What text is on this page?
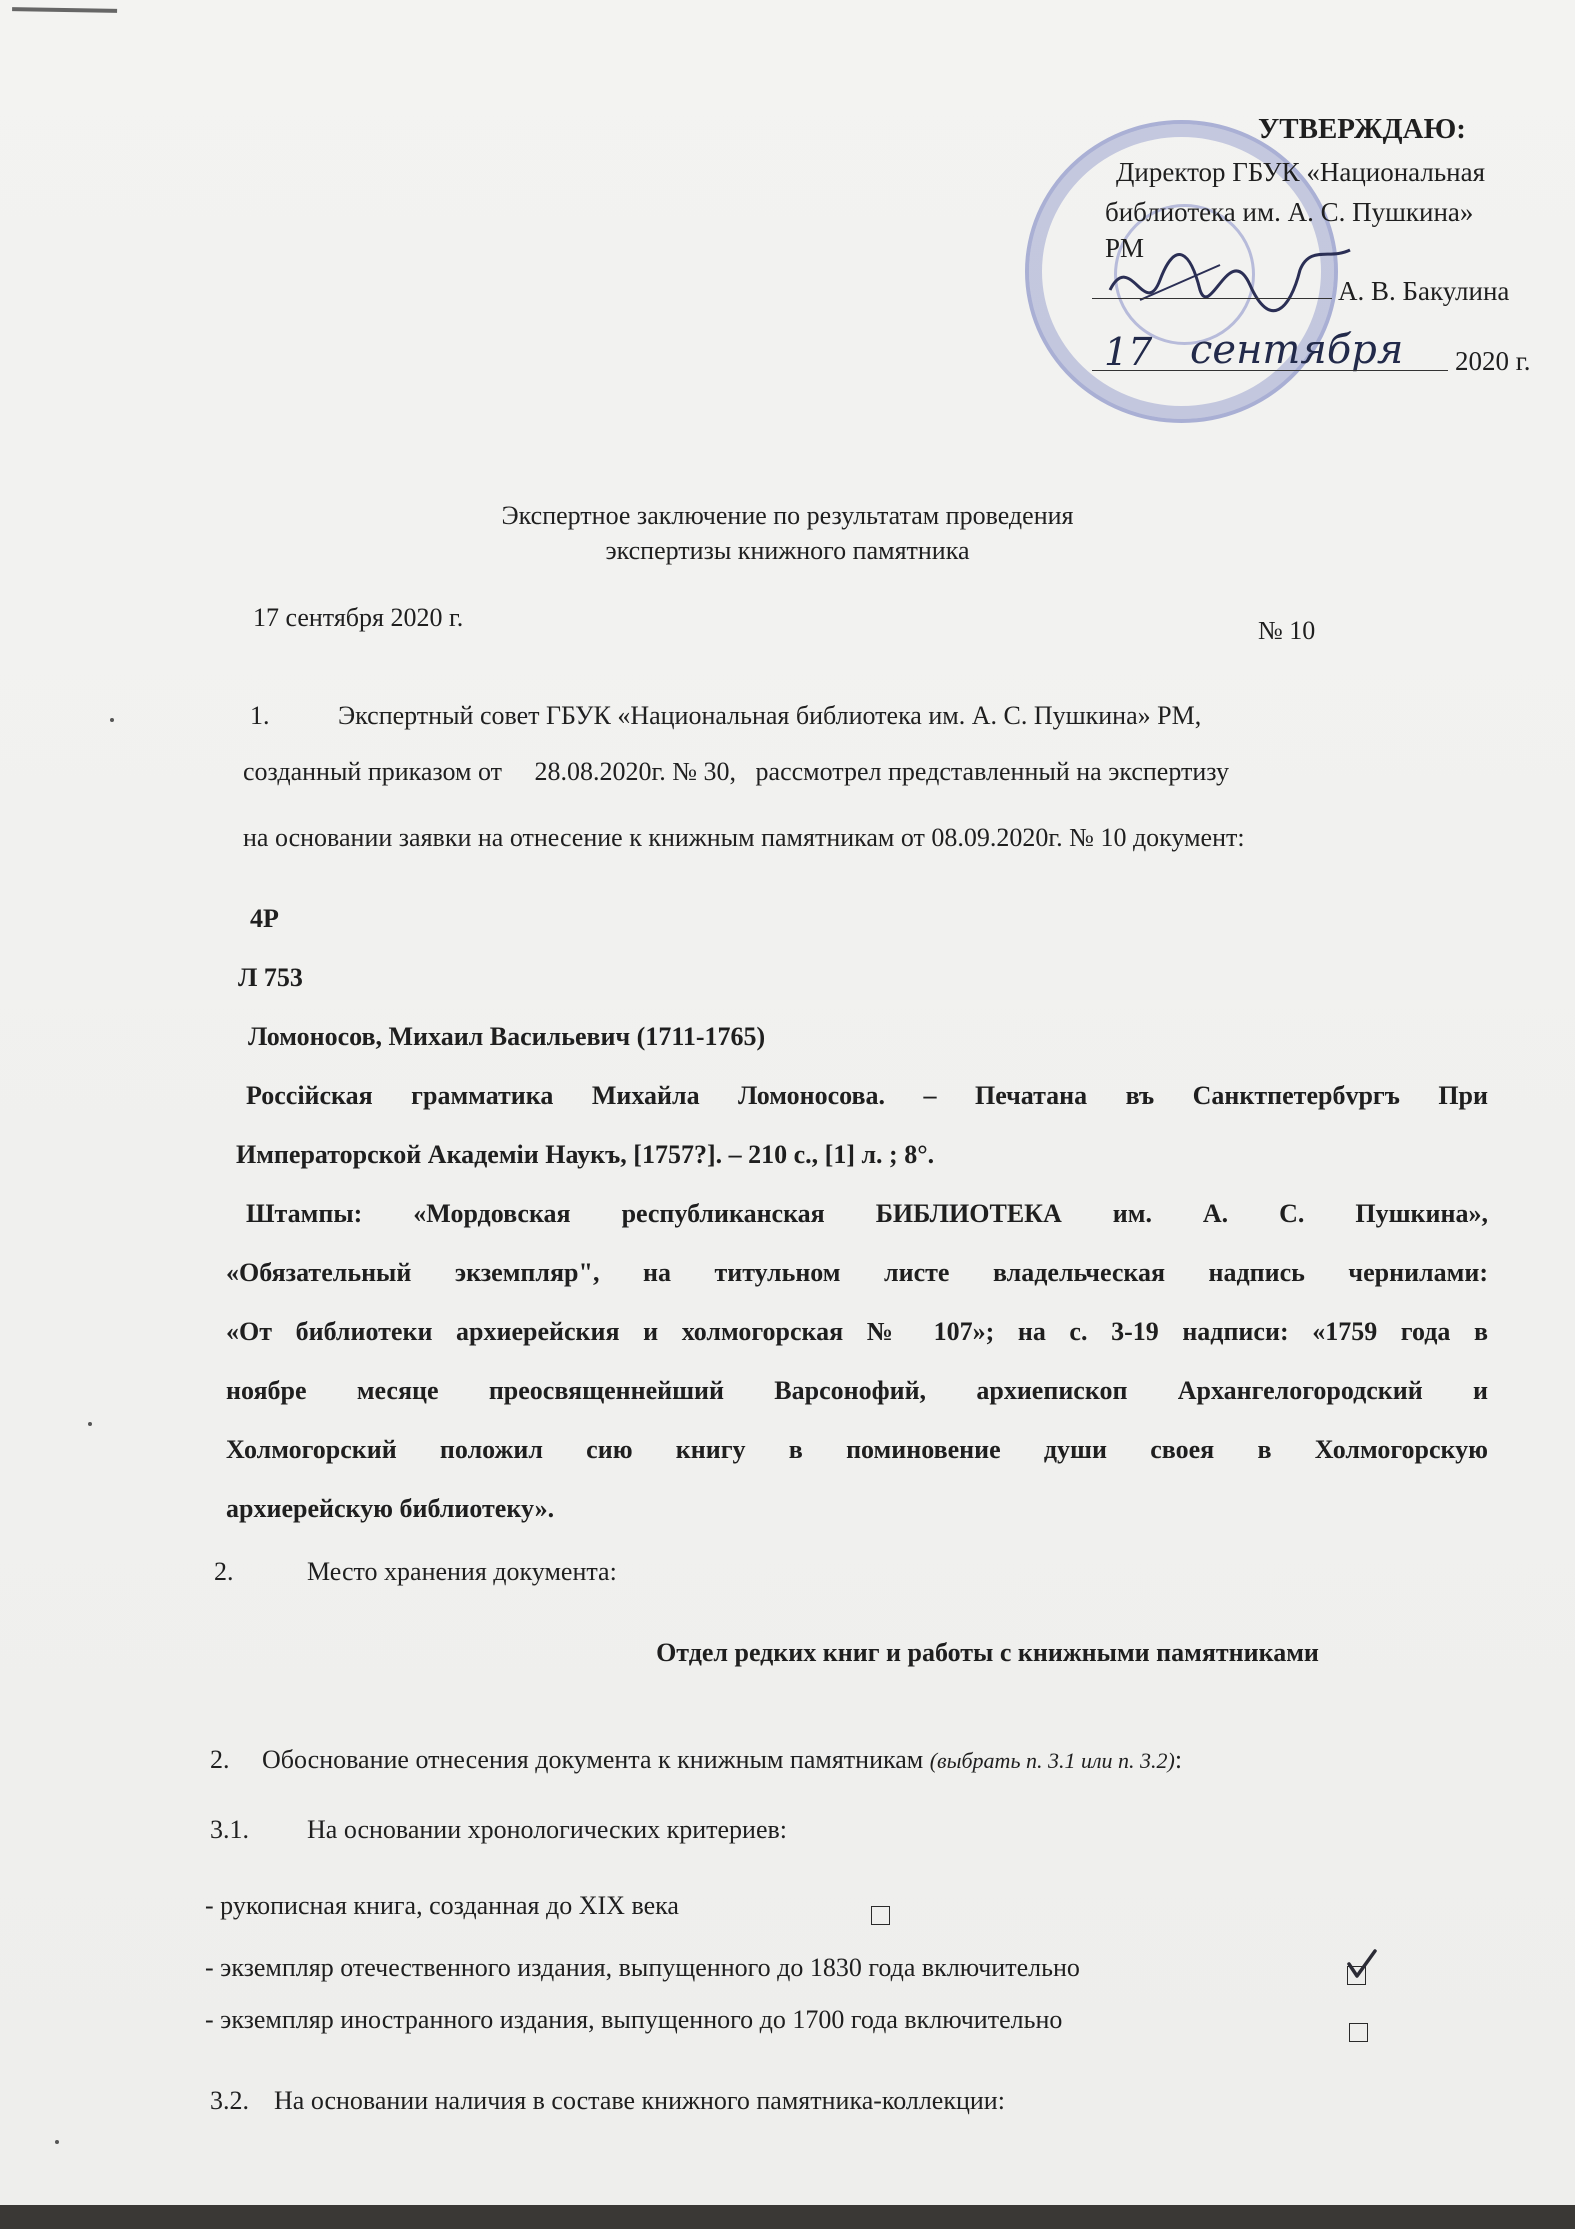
УТВЕРЖДАЮ:
Директор ГБУК «Национальная
библиотека им. А. С. Пушкина»
РМ
А. В. Бакулина
17 сентября 2020 г.
Экспертное заключение по результатам проведения
экспертизы книжного памятника
17 сентября 2020 г.	№ 10
1.	Экспертный совет ГБУК «Национальная библиотека им. А. С. Пушкина» РМ,
созданный приказом от     28.08.2020г. № 30,   рассмотрел представленный на экспертизу
на основании заявки на отнесение к книжным памятникам от 08.09.2020г. № 10 документ:
4Р
Л 753
Ломоносов, Михаил Васильевич (1711-1765)
Россійская грамматика Михайла Ломоносова. – Печатана въ Санктпетербvргъ При
Императорской Академіи Наукъ, [1757?]. – 210 с., [1] л. ; 8°.
Штампы: «Мордовская республиканская БИБЛИОТЕКА им. А. С. Пушкина»,
«Обязательный экземпляр", на титульном листе владельческая надпись чернилами:
«От библиотеки архиерейския и холмогорская № 107»; на с. 3-19 надписи: «1759 года в
ноябре месяце преосвященнейший Варсонофий, архиепископ Архангелогородский и
Холмогорский положил сию книгу в поминовение души своея в Холмогорскую
архиерейскую библиотеку».
2.	Место хранения документа:
Отдел редких книг и работы с книжными памятниками
2. Обоснование отнесения документа к книжным памятникам (выбрать п. 3.1 или п. 3.2):
3.1. На основании хронологических критериев:
- рукописная книга, созданная до XIX века
- экземпляр отечественного издания, выпущенного до 1830 года включительно
- экземпляр иностранного издания, выпущенного до 1700 года включительно
3.2. На основании наличия в составе книжного памятника-коллекции:
